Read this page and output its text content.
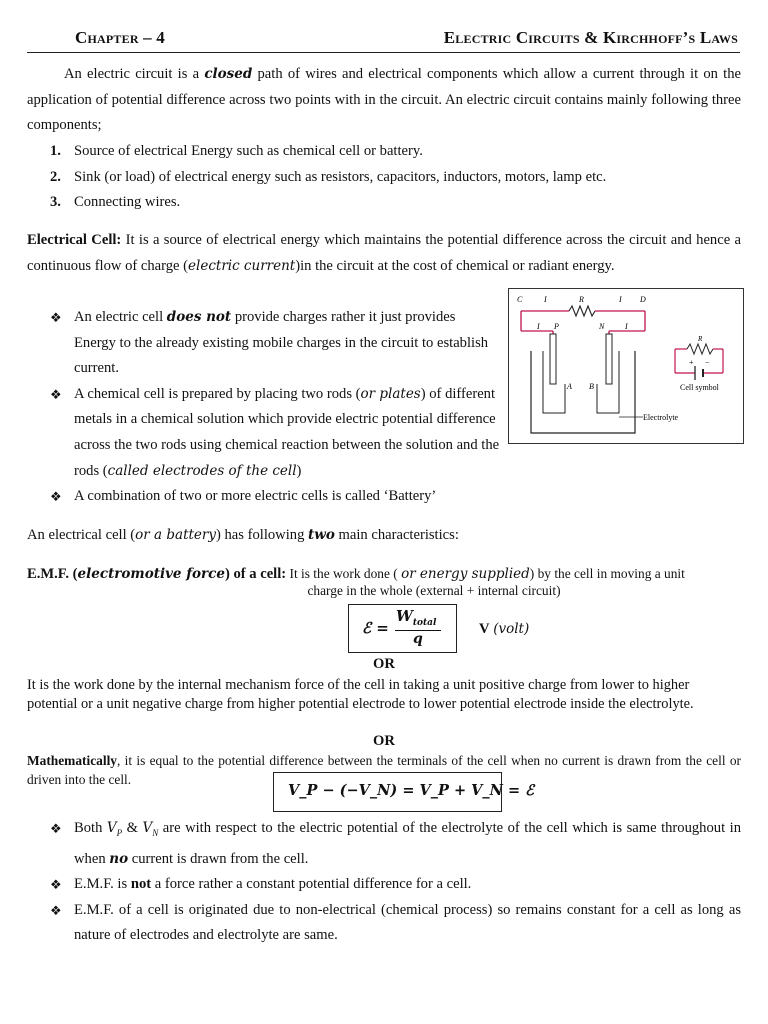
Chapter – 4	Electric Circuits & Kirchhoff’s Laws
An electric circuit is a closed path of wires and electrical components which allow a current through it on the application of potential difference across two points with in the circuit. An electric circuit contains mainly following three components;
1. Source of electrical Energy such as chemical cell or battery.
2. Sink (or load) of electrical energy such as resistors, capacitors, inductors, motors, lamp etc.
3. Connecting wires.
Electrical Cell: It is a source of electrical energy which maintains the potential difference across the circuit and hence a continuous flow of charge (electric current)in the circuit at the cost of chemical or radiant energy.
❖ An electric cell does not provide charges rather it just provides Energy to the already existing mobile charges in the circuit to establish current.
❖ A chemical cell is prepared by placing two rods (or plates) of different metals in a chemical solution which provide electric potential difference across the two rods using chemical reaction between the solution and the rods (called electrodes of the cell)
❖ A combination of two or more electric cells is called ‘Battery’
C	I	R	I D
I P	N	I
A B
R
+ −
Cell symbol
Electrolyte
An electrical cell (or a battery) has following two main characteristics:
E.M.F. (electromotive force) of a cell: It is the work done ( or energy supplied) by the cell in moving a unit
charge in the whole (external + internal circuit)
ℰ =
$W_{total}$
q
V (volt)
OR
It is the work done by the internal mechanism force of the cell in taking a unit positive charge from lower to higher potential or a unit negative charge from higher potential electrode to lower potential electrode inside the electrolyte.
OR
Mathematically, it is equal to the potential difference between the terminals of the cell when no current is drawn from the cell or driven into the cell.
V_P − (−V_N) = V_P + V_N = ℰ
❖ Both $V_P$ & $V_N$ are with respect to the electric potential of the electrolyte of the cell which is same throughout in when no current is drawn from the cell.
❖ E.M.F. is not a force rather a constant potential difference for a cell.
❖ E.M.F. of a cell is originated due to non-electrical (chemical process) so remains constant for a cell as long as nature of electrodes and electrolyte are same.
